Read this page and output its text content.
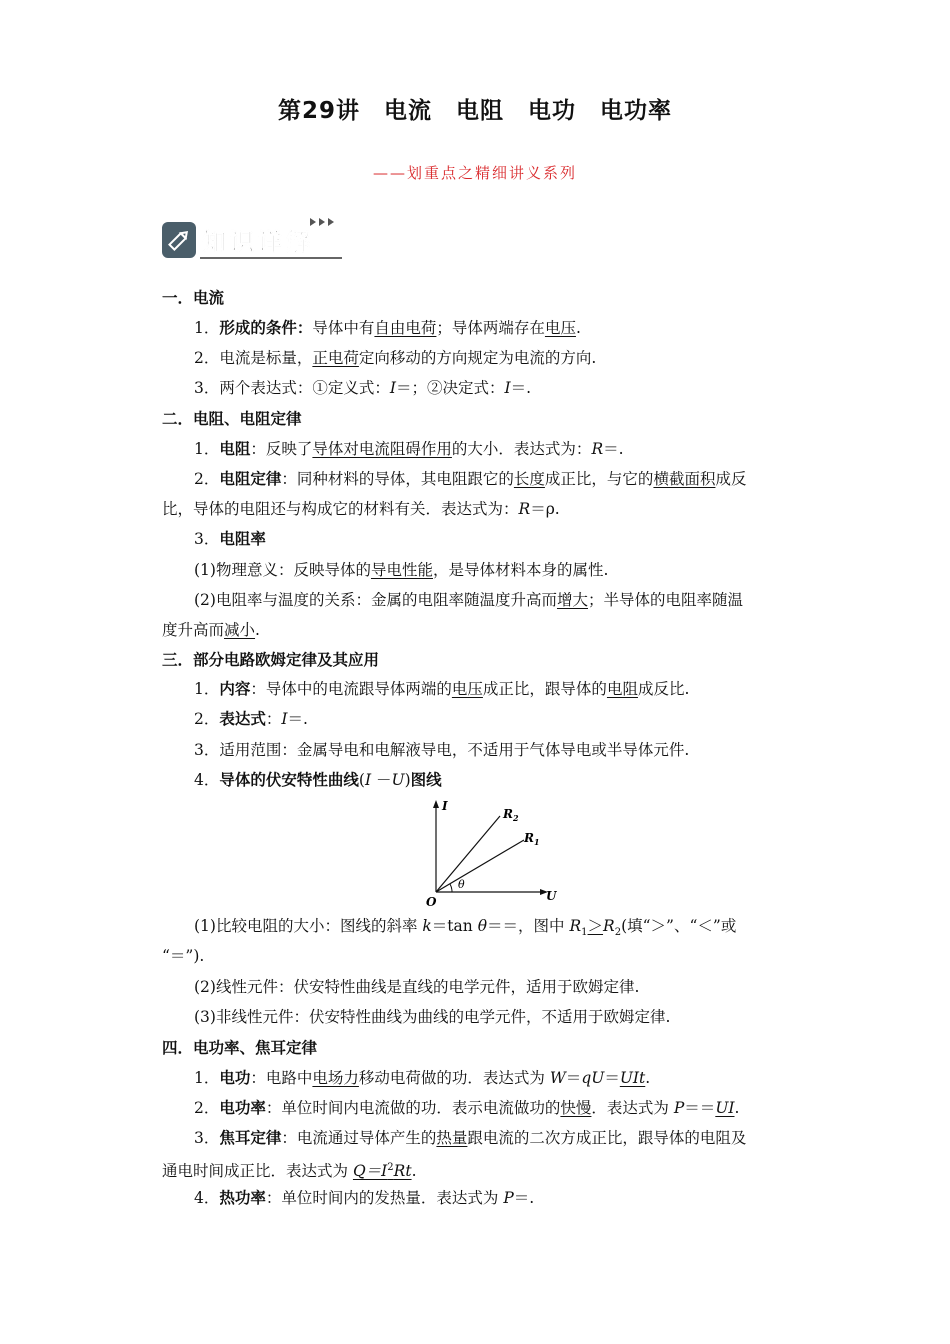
第29讲　电流　电阻　电功　电功率
——划重点之精细讲义系列
知识详解
一．电流
1．形成的条件：导体中有自由电荷；导体两端存在电压.
2．电流是标量，正电荷定向移动的方向规定为电流的方向.
3．两个表达式：①定义式：I＝；②决定式：I＝.
二．电阻、电阻定律
1．电阻：反映了导体对电流阻碍作用的大小．表达式为：R＝.
2．电阻定律：同种材料的导体，其电阻跟它的长度成正比，与它的横截面积成反
比，导体的电阻还与构成它的材料有关．表达式为：R＝ρ.
3．电阻率
(1)物理意义：反映导体的导电性能，是导体材料本身的属性.
(2)电阻率与温度的关系：金属的电阻率随温度升高而增大；半导体的电阻率随温
度升高而减小.
三．部分电路欧姆定律及其应用
1．内容：导体中的电流跟导体两端的电压成正比，跟导体的电阻成反比.
2．表达式：I＝.
3．适用范围：金属导电和电解液导电，不适用于气体导电或半导体元件.
4．导体的伏安特性曲线(I －U)图线
I
U
O
θ
$R_2$
$R_1$
(1)比较电阻的大小：图线的斜率 k＝tan θ＝＝，图中 $R_1>R_2$(填“＞”、“＜”或
“＝”).
(2)线性元件：伏安特性曲线是直线的电学元件，适用于欧姆定律.
(3)非线性元件：伏安特性曲线为曲线的电学元件，不适用于欧姆定律.
四．电功率、焦耳定律
1．电功：电路中电场力移动电荷做的功．表达式为 W＝qU＝UIt.
2．电功率：单位时间内电流做的功．表示电流做功的快慢．表达式为 P＝＝UI.
3．焦耳定律：电流通过导体产生的热量跟电流的二次方成正比，跟导体的电阻及
通电时间成正比．表达式为 $Q=I^2Rt$.
4．热功率：单位时间内的发热量．表达式为 P＝.
